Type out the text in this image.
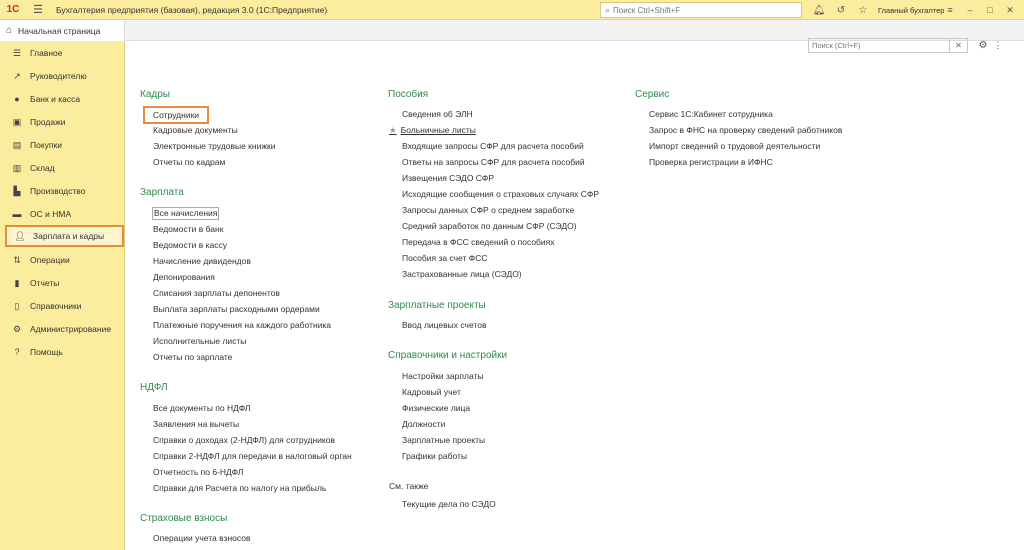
1С	☰	Бухгалтерия предприятия (базовая), редакция 3.0 (1С:Предприятие)	⌕
Поиск Ctrl+Shift+F	🔔︎	↺	☆	Главный бухгалтер ≡	–	□	✕
⌂ Начальная страница
☰	Главное
↗	Руководителю
●	Банк и касса
▣	Продажи
▤	Покупки
▥	Склад
▙	Производство
▬ ОС и НМА
👤︎ Зарплата и кадры
⇅	Операции
▮	Отчеты
▯	Справочники
⚙	Администрирование
?	Помощь
Поиск (Ctrl+F)
✕	⚙ ⋮
Кадры
Сотрудники
Кадровые документы
Электронные трудовые книжки
Отчеты по кадрам
Зарплата
Все начисления
Ведомости в банк
Ведомости в кассу
Начисление дивидендов
Депонирования
Списания зарплаты депонентов
Выплата зарплаты расходными ордерами
Платежные поручения на каждого работника
Исполнительные листы
Отчеты по зарплате
НДФЛ
Все документы по НДФЛ
Заявления на вычеты
Справки о доходах (2-НДФЛ) для сотрудников
Справки 2-НДФЛ для передачи в налоговый орган
Отчетность по 6-НДФЛ
Справки для Расчета по налогу на прибыль
Страховые взносы
Операции учета взносов
Пособия
Сведения об ЭЛН
★ Больничные листы
Входящие запросы СФР для расчета пособий
Ответы на запросы СФР для расчета пособий
Извещения СЭДО СФР
Исходящие сообщения о страховых случаях СФР
Запросы данных СФР о среднем заработке
Средний заработок по данным СФР (СЭДО)
Передача в ФСС сведений о пособиях
Пособия за счет ФСС
Застрахованные лица (СЭДО)
Зарплатные проекты
Ввод лицевых счетов
Справочники и настройки
Настройки зарплаты
Кадровый учет
Физические лица
Должности
Зарплатные проекты
Графики работы
См. также
Текущие дела по СЭДО
Сервис
Сервис 1С:Кабинет сотрудника
Запрос в ФНС на проверку сведений работников
Импорт сведений о трудовой деятельности
Проверка регистрации в ИФНС
